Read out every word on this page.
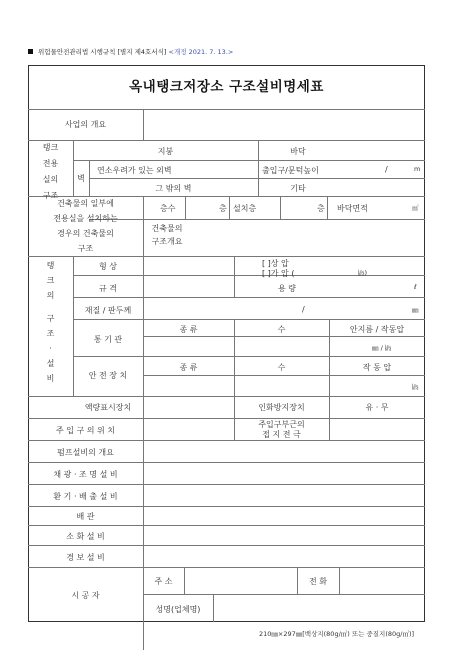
위험물안전관리법 시행규칙 [별지 제4호서식] <개정 2021. 7. 13.>
옥내탱크저장소 구조설비명세표
사업의 개요
탱크
전용
실의
구조
벽
지붕	바닥
연소우려가 있는 외벽	출입구/문턱높이	/	m
그 밖의 벽	기타
건축물의 일부에
전용실을 설치하는
경우의 건축물의
구조
층수	층 설치층	층 바닥면적	㎡
건축물의
구조개요
탱
크
의
구
조
·
설
비
형 상	[ ]상 압
[ ]가 압 (	㎪)
규 격	용 량	ℓ
재질 / 판두께	/	㎜
통 기 관
종 류	수	안지름 / 작동압
㎜ / ㎪
안 전 장 치
종 류	수	작 동 압
㎪
액량표시장치	인화방지장치	유 · 무
주 입 구 의 위 치
주입구부근의
접 지 전 극
펌프설비의 개요
채 광 · 조 명 설 비
환 기 · 배 출 설 비
배 관
소 화 설 비
경 보 설 비
시 공 자
주 소	전 화
성명(업체명)
210㎜×297㎜[백상지(80g/㎡) 또는 중질지(80g/㎡)]
